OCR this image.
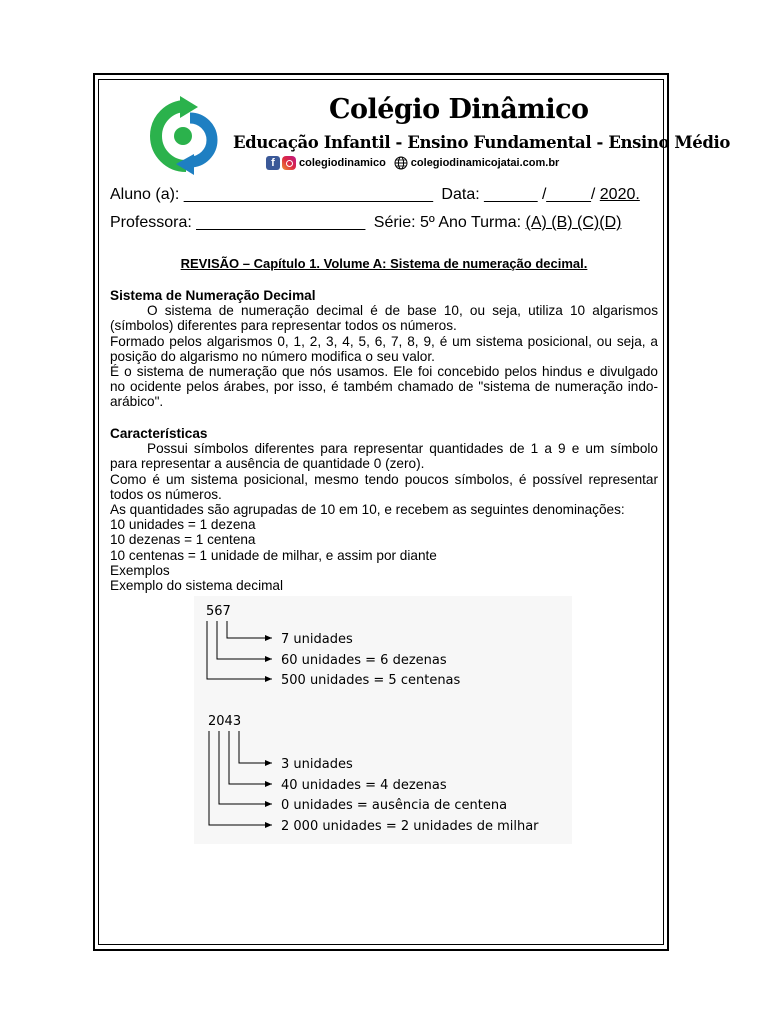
Colégio Dinâmico
Educação Infantil - Ensino Fundamental - Ensino Médio
f	colegiodinamico colegiodinamicojatai.com.br
Aluno (a): ____________________________ Data: ______ /_____/ 2020.
Professora: ___________________ Série: 5º Ano Turma: (A) (B) (C)(D)
REVISÃO – Capítulo 1. Volume A: Sistema de numeração decimal.
Sistema de Numeração Decimal
O sistema de numeração decimal é de base 10, ou seja, utiliza 10 algarismos (símbolos) diferentes para representar todos os números.
Formado pelos algarismos 0, 1, 2, 3, 4, 5, 6, 7, 8, 9, é um sistema posicional, ou seja, a posição do algarismo no número modifica o seu valor.
É o sistema de numeração que nós usamos. Ele foi concebido pelos hindus e divulgado no ocidente pelos árabes, por isso, é também chamado de "sistema de numeração indo-arábico".
Características
Possui símbolos diferentes para representar quantidades de 1 a 9 e um símbolo para representar a ausência de quantidade 0 (zero).
Como é um sistema posicional, mesmo tendo poucos símbolos, é possível representar todos os números.
As quantidades são agrupadas de 10 em 10, e recebem as seguintes denominações:
10 unidades = 1 dezena
10 dezenas = 1 centena
10 centenas = 1 unidade de milhar, e assim por diante
Exemplos
Exemplo do sistema decimal
567
7 unidades
60 unidades = 6 dezenas
500 unidades = 5 centenas
2043
3 unidades
40 unidades = 4 dezenas
0 unidades = ausência de centena
2 000 unidades = 2 unidades de milhar
